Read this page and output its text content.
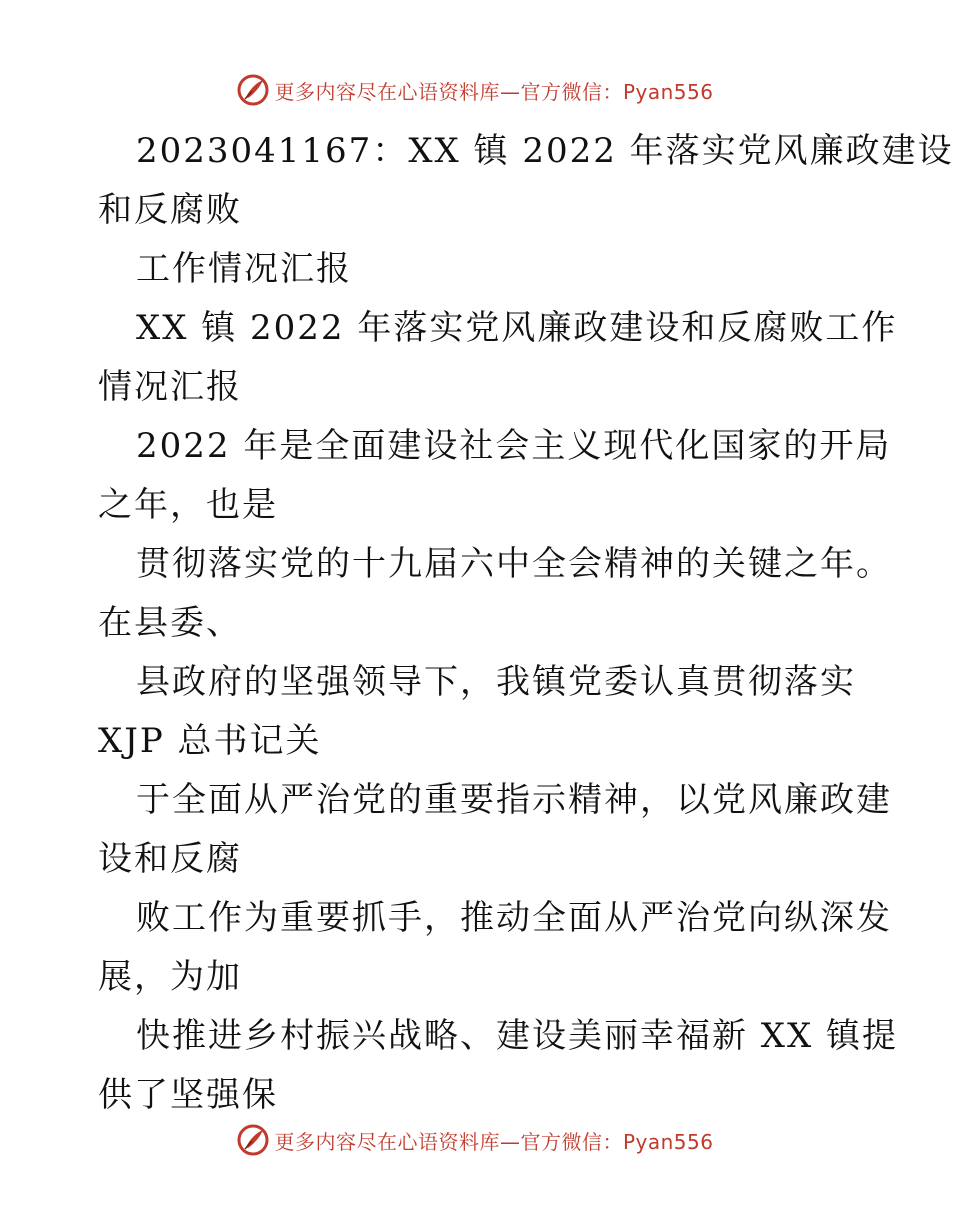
更多内容尽在心语资料库—官方微信：Pyan556
2023041167：XX 镇 2022 年落实党风廉政建设
和反腐败
工作情况汇报
XX 镇 2022 年落实党风廉政建设和反腐败工作
情况汇报
2022 年是全面建设社会主义现代化国家的开局
之年，也是
贯彻落实党的十九届六中全会精神的关键之年。
在县委、
县政府的坚强领导下，我镇党委认真贯彻落实
XJP 总书记关
于全面从严治党的重要指示精神，以党风廉政建
设和反腐
败工作为重要抓手，推动全面从严治党向纵深发
展，为加
快推进乡村振兴战略、建设美丽幸福新 XX 镇提
供了坚强保
更多内容尽在心语资料库—官方微信：Pyan556
